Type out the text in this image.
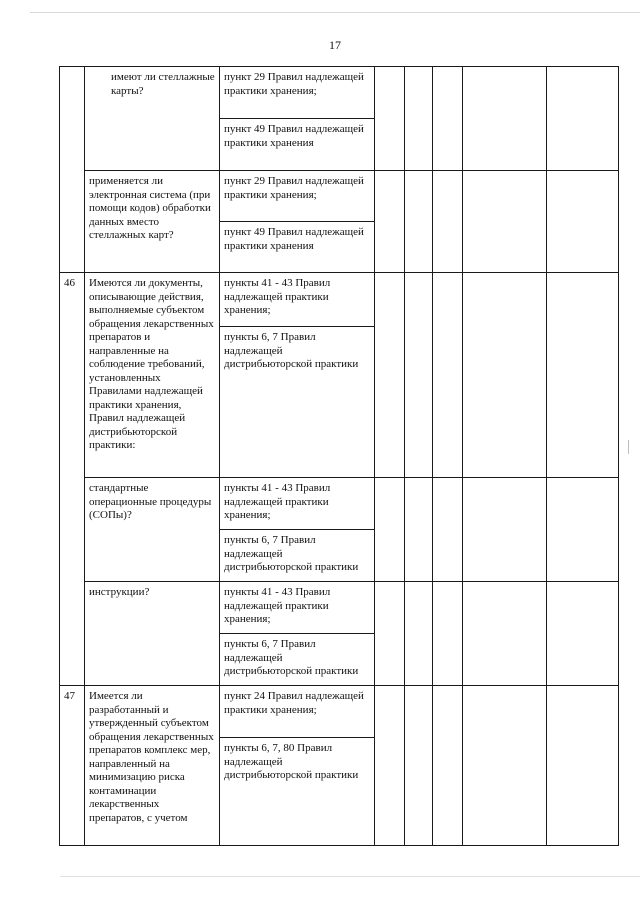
17
	имеют ли стеллажные карты?	пункт 29 Правил надлежащей практики хранения;					
		пункт 49 Правил надлежащей практики хранения					
	применяется ли электронная система (при помощи кодов) обработки данных вместо стеллажных карт?	пункт 29 Правил надлежащей практики хранения;					
		пункт 49 Правил надлежащей практики хранения					
46	Имеются ли документы, описывающие действия, выполняемые субъектом обращения лекарственных препаратов и направленные на соблюдение требований, установленных Правилами надлежащей практики хранения, Правил надлежащей дистрибьюторской практики:	пункты 41 - 43 Правил надлежащей практики хранения;					
		пункты 6, 7 Правил надлежащей дистрибьюторской практики					
	стандартные операционные процедуры (СОПы)?	пункты 41 - 43 Правил надлежащей практики хранения;					
		пункты 6, 7 Правил надлежащей дистрибьюторской практики					
	инструкции?	пункты 41 - 43 Правил надлежащей практики хранения;					
		пункты 6, 7 Правил надлежащей дистрибьюторской практики					
47	Имеется ли разработанный и утвержденный субъектом обращения лекарственных препаратов комплекс мер, направленный на минимизацию риска контаминации лекарственных препаратов, с учетом	пункт 24 Правил надлежащей практики хранения;					
		пункты 6, 7, 80 Правил надлежащей дистрибьюторской практики					
